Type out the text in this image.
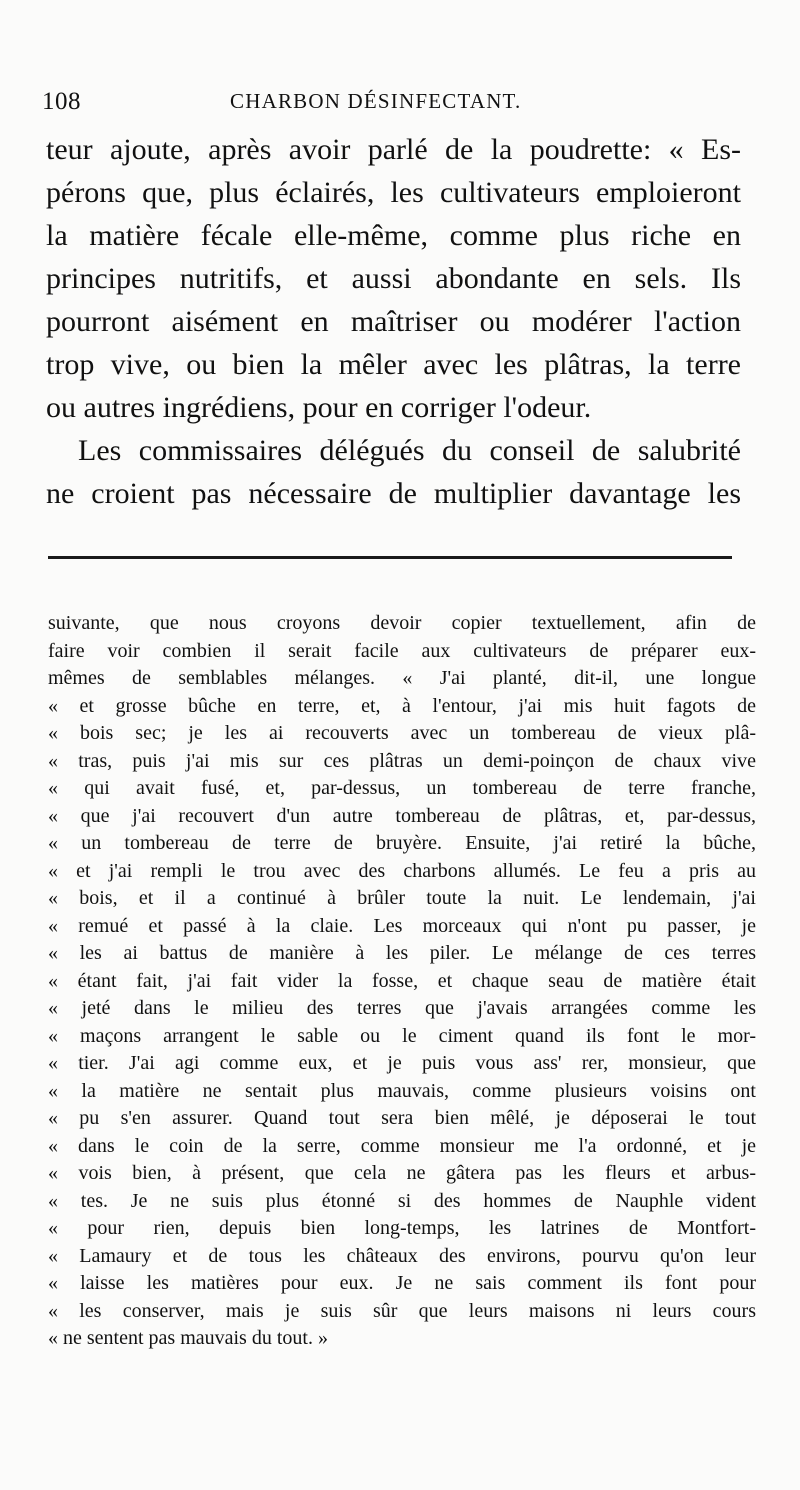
108	CHARBON DÉSINFECTANT.
teur ajoute, après avoir parlé de la poudrette: « Es-
pérons que, plus éclairés, les cultivateurs emploieront
la matière fécale elle-même, comme plus riche en
principes nutritifs, et aussi abondante en sels. Ils
pourront aisément en maîtriser ou modérer l'action
trop vive, ou bien la mêler avec les plâtras, la terre
ou autres ingrédiens, pour en corriger l'odeur.
Les commissaires délégués du conseil de salubrité
ne croient pas nécessaire de multiplier davantage les
suivante, que nous croyons devoir copier textuellement, afin de
faire voir combien il serait facile aux cultivateurs de préparer eux-
mêmes de semblables mélanges. « J'ai planté, dit-il, une longue
« et grosse bûche en terre, et, à l'entour, j'ai mis huit fagots de
« bois sec; je les ai recouverts avec un tombereau de vieux plâ-
« tras, puis j'ai mis sur ces plâtras un demi-poinçon de chaux vive
« qui avait fusé, et, par-dessus, un tombereau de terre franche,
« que j'ai recouvert d'un autre tombereau de plâtras, et, par-dessus,
« un tombereau de terre de bruyère. Ensuite, j'ai retiré la bûche,
« et j'ai rempli le trou avec des charbons allumés. Le feu a pris au
« bois, et il a continué à brûler toute la nuit. Le lendemain, j'ai
« remué et passé à la claie. Les morceaux qui n'ont pu passer, je
« les ai battus de manière à les piler. Le mélange de ces terres
« étant fait, j'ai fait vider la fosse, et chaque seau de matière était
« jeté dans le milieu des terres que j'avais arrangées comme les
« maçons arrangent le sable ou le ciment quand ils font le mor-
« tier. J'ai agi comme eux, et je puis vous ass' rer, monsieur, que
« la matière ne sentait plus mauvais, comme plusieurs voisins ont
« pu s'en assurer. Quand tout sera bien mêlé, je déposerai le tout
« dans le coin de la serre, comme monsieur me l'a ordonné, et je
« vois bien, à présent, que cela ne gâtera pas les fleurs et arbus-
« tes. Je ne suis plus étonné si des hommes de Nauphle vident
« pour rien, depuis bien long-temps, les latrines de Montfort-
« Lamaury et de tous les châteaux des environs, pourvu qu'on leur
« laisse les matières pour eux. Je ne sais comment ils font pour
« les conserver, mais je suis sûr que leurs maisons ni leurs cours
« ne sentent pas mauvais du tout. »
